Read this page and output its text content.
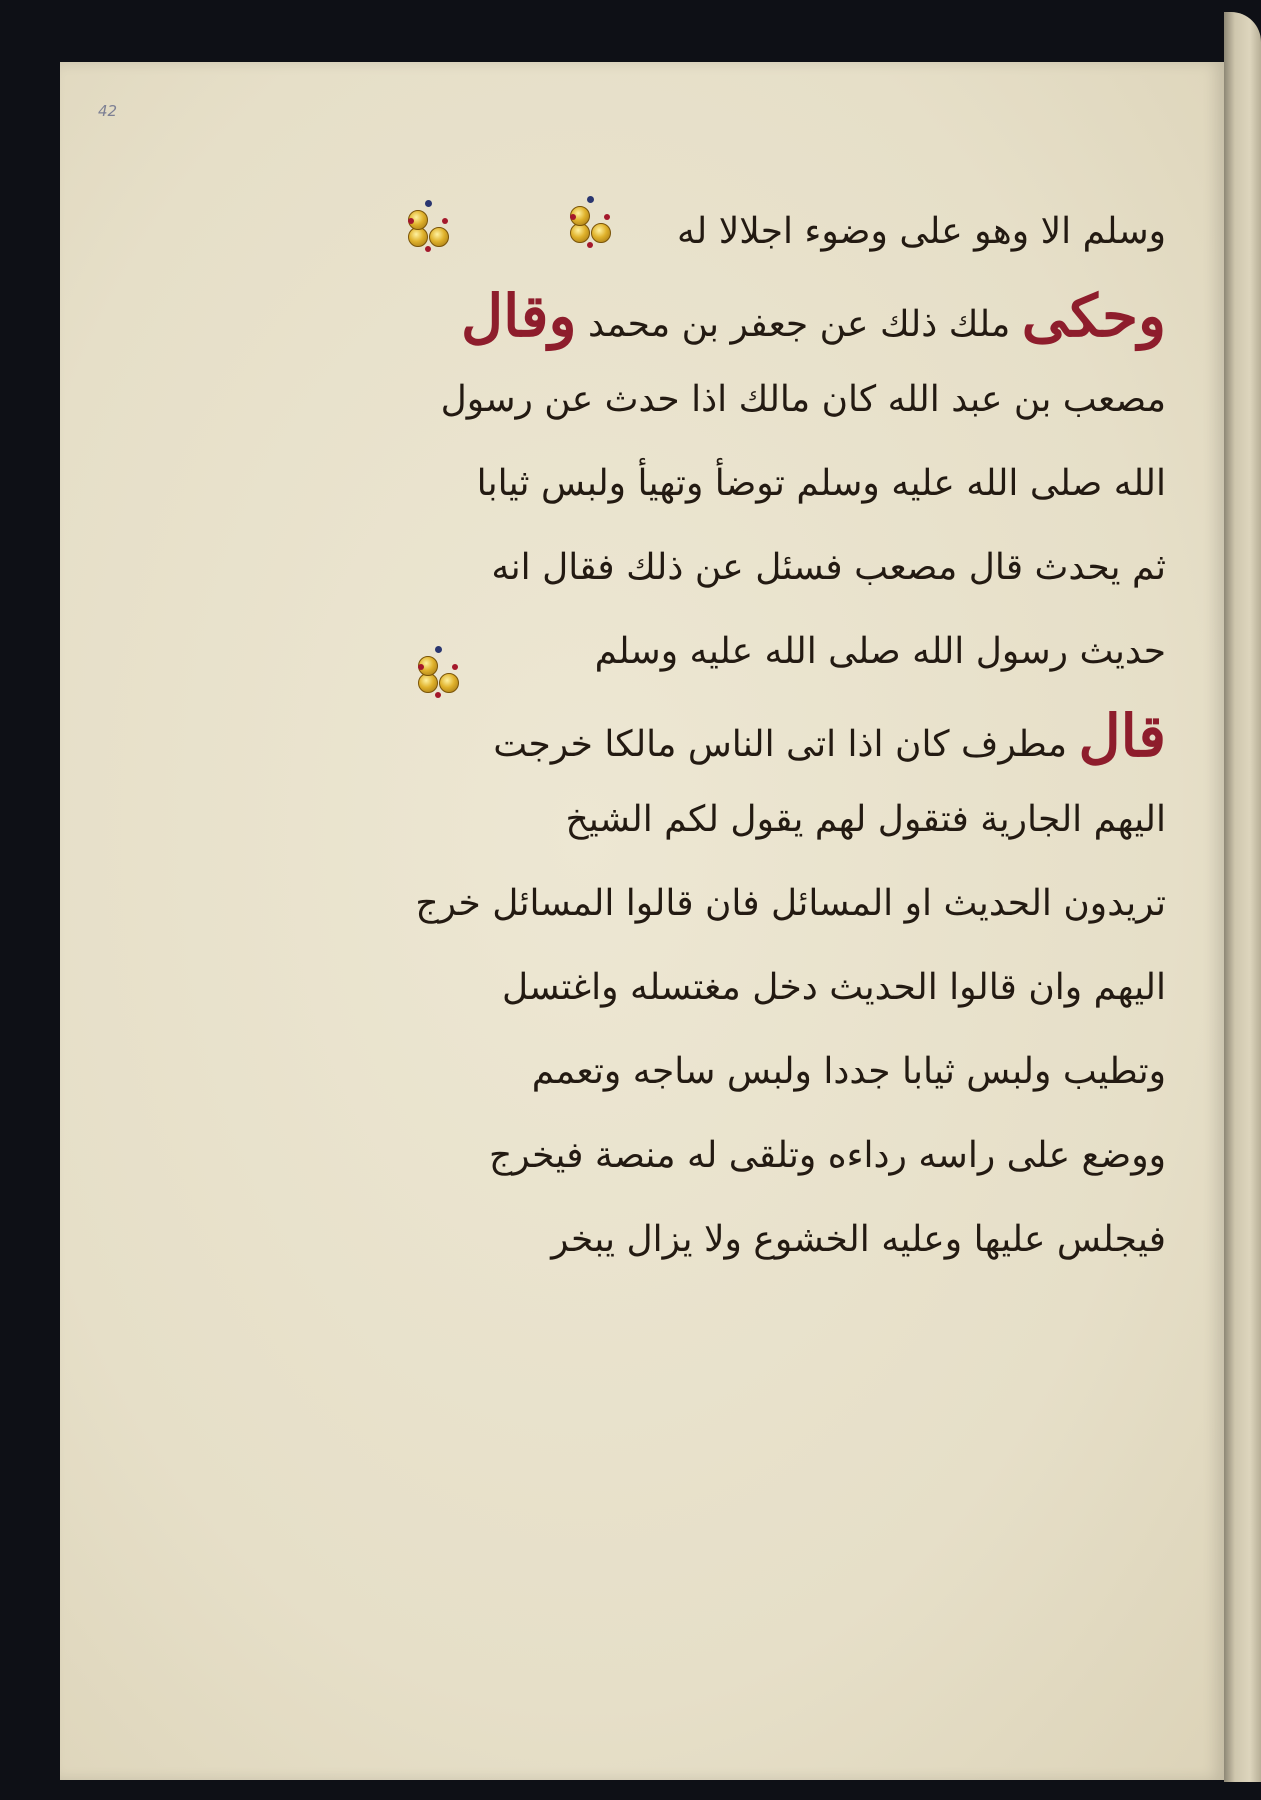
42
وسلم الا وهو على وضوء اجلالا له
وحكى ملك ذلك عن جعفر بن محمد وقال
مصعب بن عبد الله كان مالك اذا حدث عن رسول
الله صلى الله عليه وسلم توضأ وتهيأ ولبس ثيابا
ثم يحدث قال مصعب فسئل عن ذلك فقال انه
حديث رسول الله صلى الله عليه وسلم
قال مطرف كان اذا اتى الناس مالكا خرجت
اليهم الجارية فتقول لهم يقول لكم الشيخ
تريدون الحديث او المسائل فان قالوا المسائل خرج
اليهم وان قالوا الحديث دخل مغتسله واغتسل
وتطيب ولبس ثيابا جددا ولبس ساجه وتعمم
ووضع على راسه رداءه وتلقى له منصة فيخرج
فيجلس عليها وعليه الخشوع ولا يزال يبخر
